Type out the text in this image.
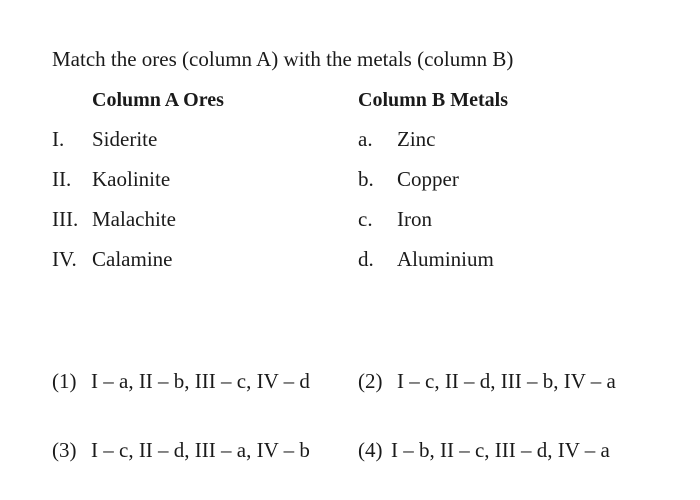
Match the ores (column A) with the metals (column B)
Column A Ores	Column B Metals
I. Siderite
II. Kaolinite
III. Malachite
IV. Calamine
a. Zinc
b. Copper
c. Iron
d. Aluminium
(1) I – a, II – b, III – c, IV – d (2) I – c, II – d, III – b, IV – a
(3) I – c, II – d, III – a, IV – b (4) I – b, II – c, III – d, IV – a
